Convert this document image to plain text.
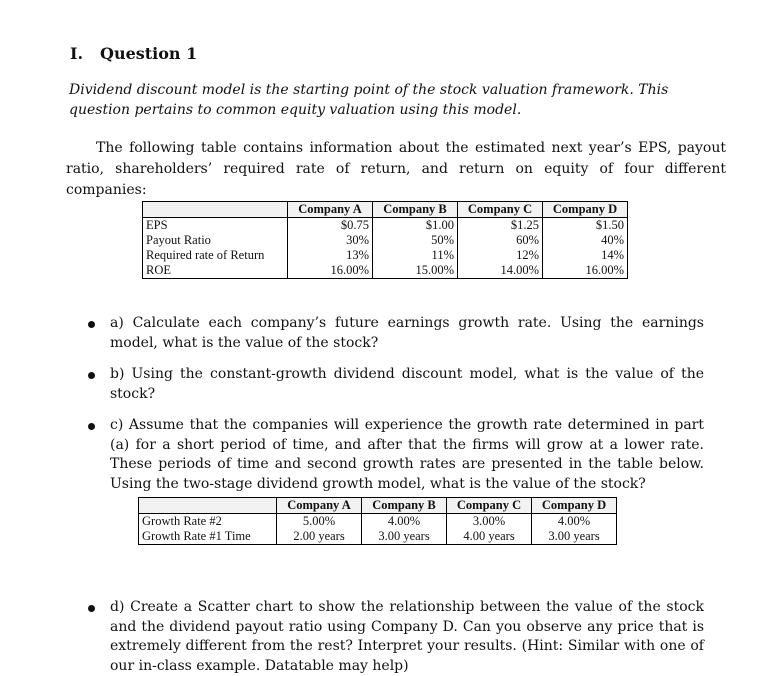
I. Question 1
Dividend discount model is the starting point of the stock valuation framework. This question pertains to common equity valuation using this model.
The following table contains information about the estimated next year’s EPS, payout ratio, shareholders’ required rate of return, and return on equity of four different companies:
	Company A	Company B	Company C	Company D
EPS	$0.75	$1.00	$1.25	$1.50
Payout Ratio	30%	50%	60%	40%
Required rate of Return	13%	11%	12%	14%
ROE	16.00%	15.00%	14.00%	16.00%
a) Calculate each company’s future earnings growth rate. Using the earnings model, what is the value of the stock?
b) Using the constant-growth dividend discount model, what is the value of the stock?
c) Assume that the companies will experience the growth rate determined in part (a) for a short period of time, and after that the firms will grow at a lower rate. These periods of time and second growth rates are presented in the table below. Using the two-stage dividend growth model, what is the value of the stock?
	Company A	Company B	Company C	Company D
Growth Rate #2	5.00%	4.00%	3.00%	4.00%
Growth Rate #1 Time	2.00 years	3.00 years	4.00 years	3.00 years
d) Create a Scatter chart to show the relationship between the value of the stock and the dividend payout ratio using Company D. Can you observe any price that is extremely different from the rest? Interpret your results. (Hint: Similar with one of our in-class example. Datatable may help)
